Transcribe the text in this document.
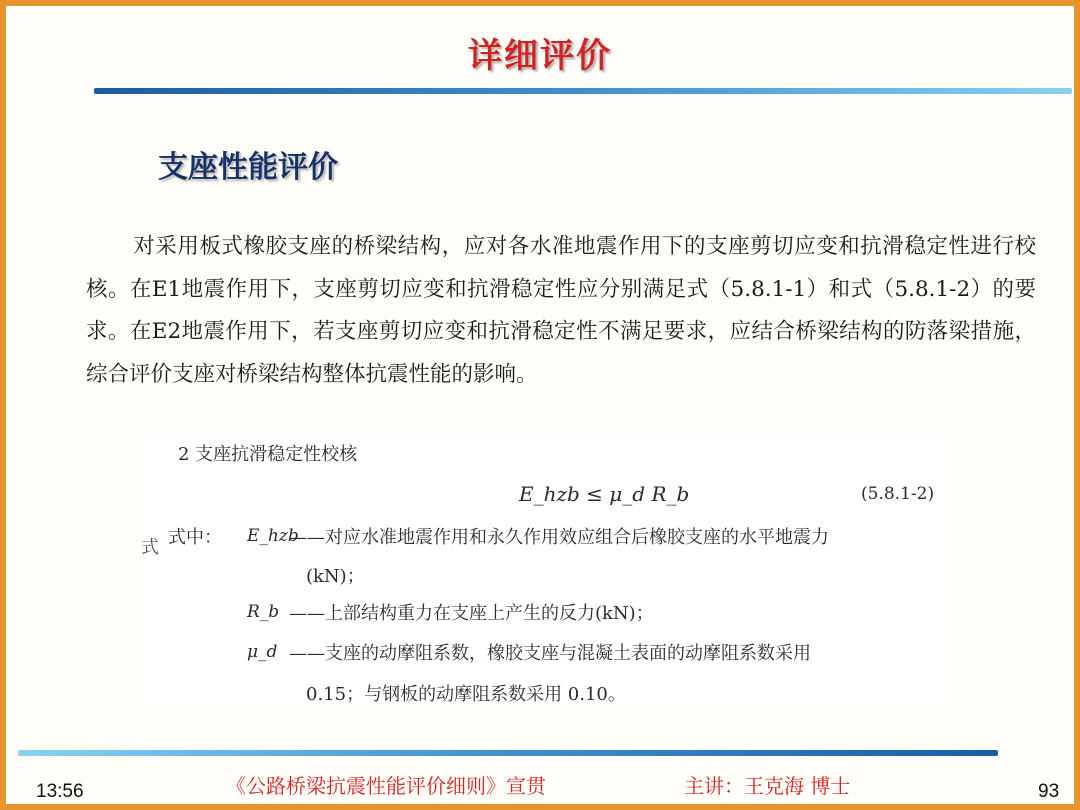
详细评价
支座性能评价
对采用板式橡胶支座的桥梁结构，应对各水准地震作用下的支座剪切应变和抗滑稳定性进行校核。在E1地震作用下，支座剪切应变和抗滑稳定性应分别满足式（5.8.1-1）和式（5.8.1-2）的要求。在E2地震作用下，若支座剪切应变和抗滑稳定性不满足要求，应结合桥梁结构的防落梁措施，综合评价支座对桥梁结构整体抗震性能的影响。
2 支座抗滑稳定性校核
E_hzb ≤ μ_d R_b	(5.8.1-2)
式 式中： E_hzb
——对应水准地震作用和永久作用效应组合后橡胶支座的水平地震力
(kN)；
R_b ——上部结构重力在支座上产生的反力(kN)；
μ_d ——支座的动摩阻系数，橡胶支座与混凝土表面的动摩阻系数采用
0.15；与钢板的动摩阻系数采用 0.10。
13:56	《公路桥梁抗震性能评价细则》宣贯	主讲：王克海 博士	93
